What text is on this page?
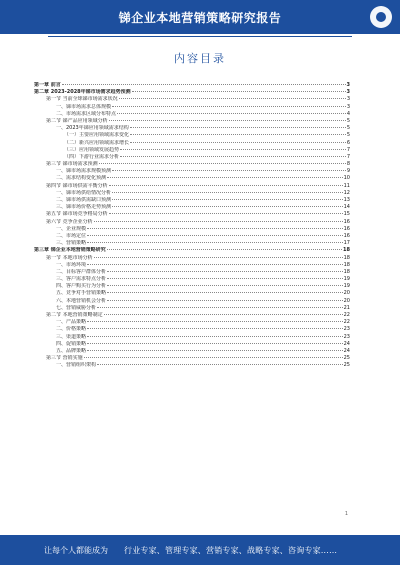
锑企业本地营销策略研究报告
内容目录
第一章 前言	3
第二章 2023-2028年锑市场需求趋势预测	3
第一节 当前全球锑市场需求状况	3
一、锑市场需求总体规模	3
二、市场需求区域分布特点	4
第二节 锑产品应用领域分析	5
一、2023年锑应用领域需求结构	5
（一）主要应用领域需求变化	5
（二）新兴应用领域需求增长	6
（三）应用领域发展趋势	7
（四）下游行业需求分析	7
第三节 锑市场需求预测	8
一、锑市场需求规模预测	9
二、需求结构变化预测	10
第四节 锑市场供需平衡分析	11
一、锑市场供给情况分析	12
二、锑市场供需缺口预测	13
三、锑市场价格走势预测	14
第五节 锑市场竞争格局分析	15
第六节 竞争企业分析	16
一、企业规模	16
二、市场定位	16
三、营销策略	17
第三章 锑企业本地营销策略研究	18
第一节 本地市场分析	18
一、市场环境	18
二、目标客户群体分析	18
三、客户需求特点分析	19
四、客户购买行为分析	19
五、竞争对手营销策略	20
六、本地营销机会分析	20
七、营销威胁分析	21
第二节 本地营销策略制定	22
一、产品策略	22
二、价格策略	23
三、渠道策略	23
四、促销策略	24
五、品牌策略	24
第三节 营销实施	25
一、营销组织架构	25
1
让每个人都能成为 行业专家、管理专家、营销专家、战略专家、咨询专家……
